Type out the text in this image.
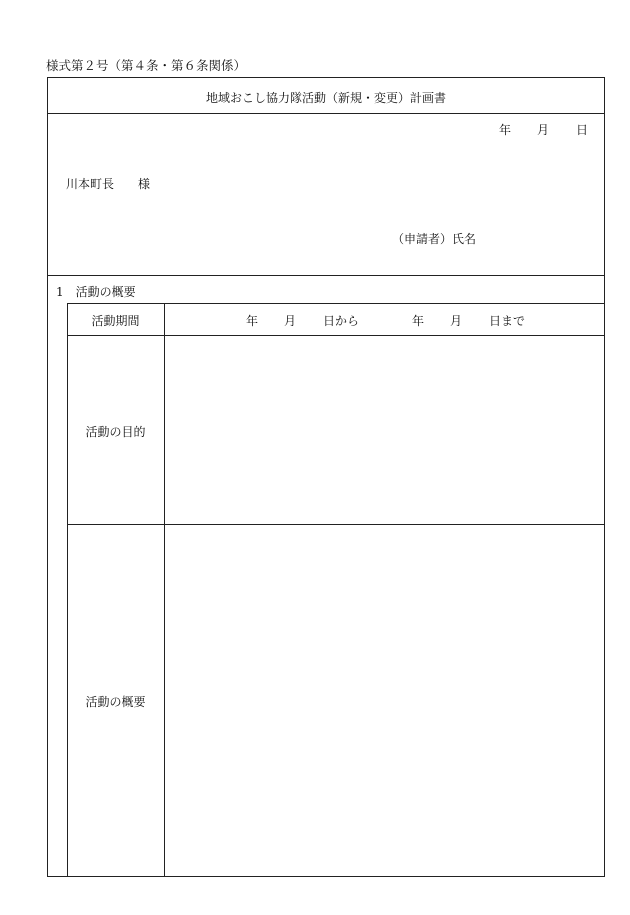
様式第２号（第４条・第６条関係）
地域おこし協力隊活動（新規・変更）計画書
年 月 日
川本町長　　様
（申請者）氏名
1　活動の概要
活動期間	年 月 日から	年 月 日まで
活動の目的
活動の概要
